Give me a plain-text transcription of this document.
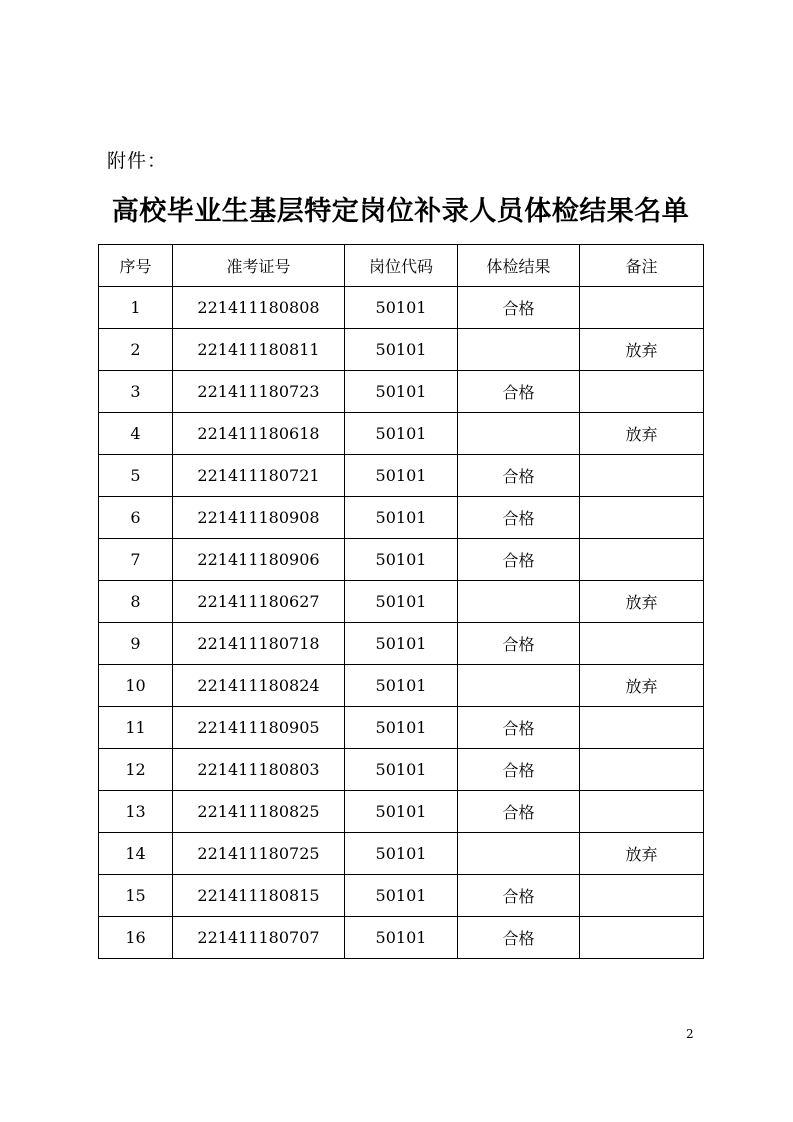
附件：
高校毕业生基层特定岗位补录人员体检结果名单
序号	准考证号	岗位代码	体检结果	备注
1	221411180808	50101	合格	
2	221411180811	50101		放弃
3	221411180723	50101	合格	
4	221411180618	50101		放弃
5	221411180721	50101	合格	
6	221411180908	50101	合格	
7	221411180906	50101	合格	
8	221411180627	50101		放弃
9	221411180718	50101	合格	
10	221411180824	50101		放弃
11	221411180905	50101	合格	
12	221411180803	50101	合格	
13	221411180825	50101	合格	
14	221411180725	50101		放弃
15	221411180815	50101	合格	
16	221411180707	50101	合格	
2
